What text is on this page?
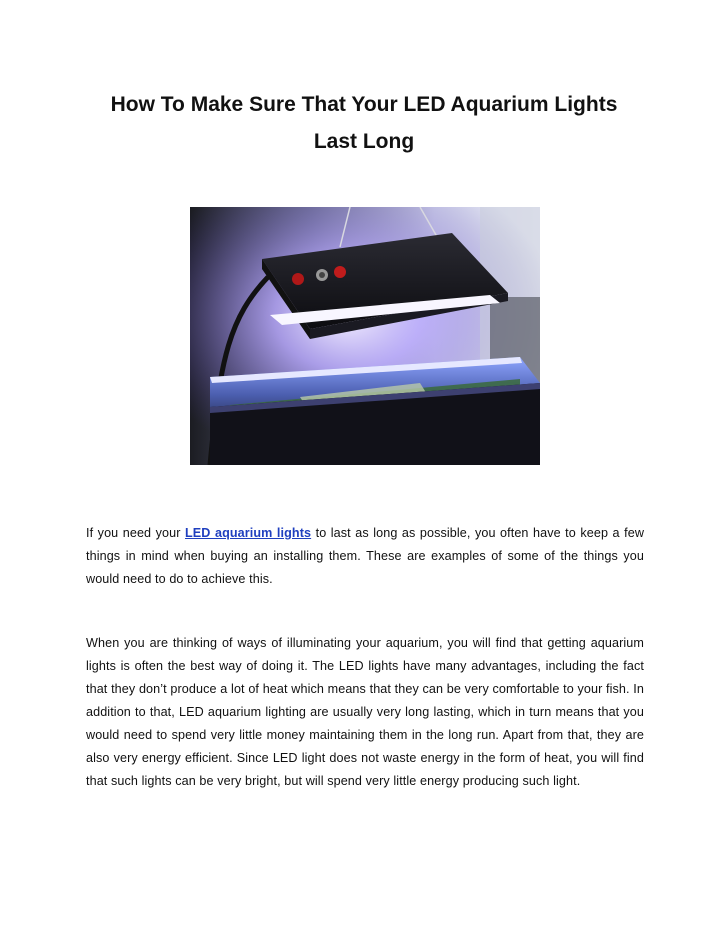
How To Make Sure That Your LED Aquarium Lights Last Long

If you need your LED aquarium lights to last as long as possible, you often have to keep a few things in mind when buying an installing them. These are examples of some of the things you would need to do to achieve this.

When you are thinking of ways of illuminating your aquarium, you will find that getting aquarium lights is often the best way of doing it. The LED lights have many advantages, including the fact that they don’t produce a lot of heat which means that they can be very comfortable to your fish. In addition to that, LED aquarium lighting are usually very long lasting, which in turn means that you would need to spend very little money maintaining them in the long run. Apart from that, they are also very energy efficient. Since LED light does not waste energy in the form of heat, you will find that such lights can be very bright, but will spend very little energy producing such light.
